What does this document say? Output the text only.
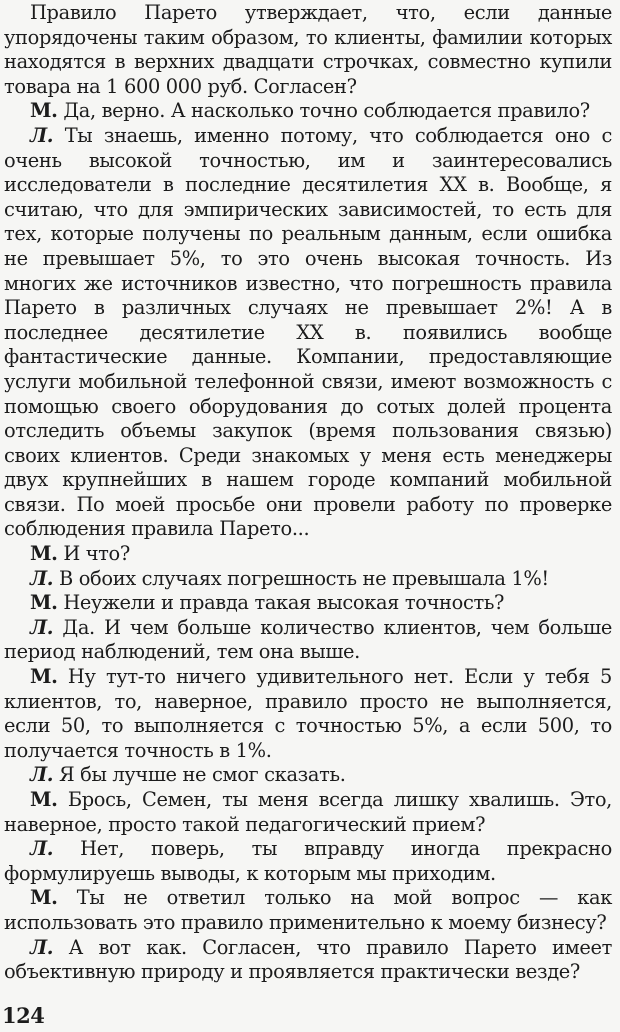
Правило Парето утверждает, что, если данные упорядочены таким образом, то клиенты, фамилии которых находятся в верхних двадцати строчках, совместно купили товара на 1 600 000 руб. Согласен?

М. Да, верно. А насколько точно соблюдается правило?

Л. Ты знаешь, именно потому, что соблюдается оно с очень высокой точностью, им и заинтересовались исследователи в последние десятилетия XX в. Вообще, я считаю, что для эмпирических зависимостей, то есть для тех, которые получены по реальным данным, если ошибка не превышает 5%, то это очень высокая точность. Из многих же источников известно, что погрешность правила Парето в различных случаях не превышает 2%! А в последнее десятилетие XX в. появились вообще фантастические данные. Компании, предоставляющие услуги мобильной телефонной связи, имеют возможность с помощью своего оборудования до сотых долей процента отследить объемы закупок (время пользования связью) своих клиентов. Среди знакомых у меня есть менеджеры двух крупнейших в нашем городе компаний мобильной связи. По моей просьбе они провели работу по проверке соблюдения правила Парето...

М. И что?

Л. В обоих случаях погрешность не превышала 1%!

М. Неужели и правда такая высокая точность?

Л. Да. И чем больше количество клиентов, чем больше период наблюдений, тем она выше.

М. Ну тут-то ничего удивительного нет. Если у тебя 5 клиентов, то, наверное, правило просто не выполняется, если 50, то выполняется с точностью 5%, а если 500, то получается точность в 1%.

Л. Я бы лучше не смог сказать.

М. Брось, Семен, ты меня всегда лишку хвалишь. Это, наверное, просто такой педагогический прием?

Л. Нет, поверь, ты вправду иногда прекрасно формулируешь выводы, к которым мы приходим.

М. Ты не ответил только на мой вопрос — как использовать это правило применительно к моему бизнесу?

Л. А вот как. Согласен, что правило Парето имеет объективную природу и проявляется практически везде?

124
